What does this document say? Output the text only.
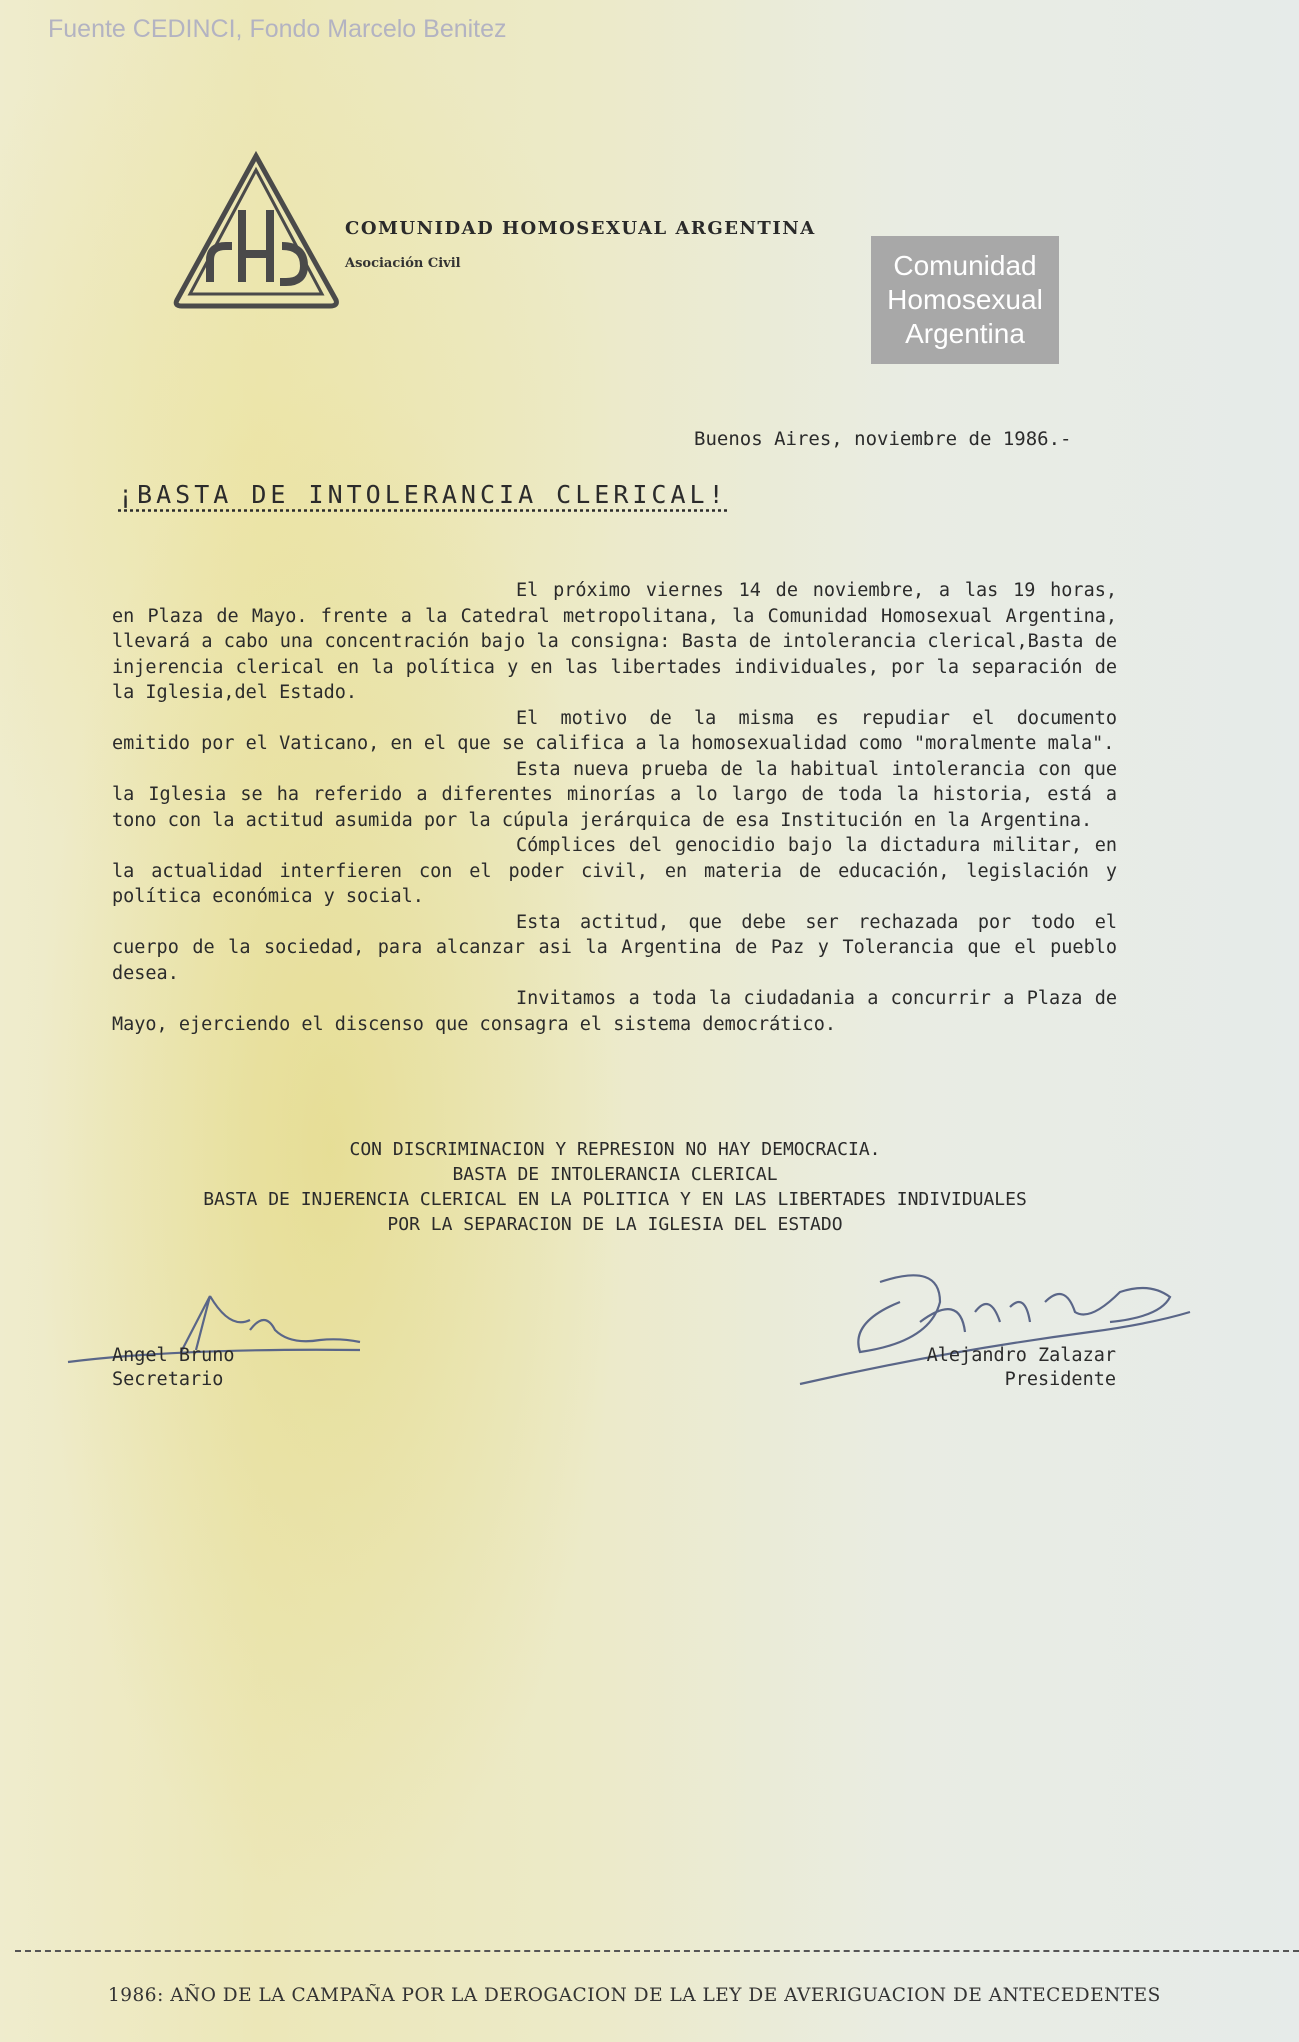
Fuente CEDINCI, Fondo Marcelo Benitez
COMUNIDAD HOMOSEXUAL ARGENTINA
Asociación Civil	Comunidad
Homosexual
Argentina
Buenos Aires, noviembre de 1986.-
¡BASTA DE INTOLERANCIA CLERICAL!

El próximo viernes 14 de noviembre, a las 19 horas, en Plaza de Mayo. frente a la Catedral metropolitana, la Comunidad Homosexual Argentina, llevará a cabo una concentración bajo la consigna: Basta de intolerancia clerical,Basta de injerencia clerical en la política y en las libertades individuales, por la separación de la Iglesia,del Estado.

El motivo de la misma es repudiar el documento emitido por el Vaticano, en el que se califica a la homosexualidad como "moralmente mala".

Esta nueva prueba de la habitual intolerancia con que la Iglesia se ha referido a diferentes minorías a lo largo de toda la historia, está a tono con la actitud asumida por la cúpula jerárquica de esa Institución en la Argentina.

Cómplices del genocidio bajo la dictadura militar, en la actualidad interfieren con el poder civil, en materia de educación, legislación y política económica y social.

Esta actitud, que debe ser rechazada por todo el cuerpo de la sociedad, para alcanzar asi la Argentina de Paz y Tolerancia que el pueblo desea.

Invitamos a toda la ciudadania a concurrir a Plaza de Mayo, ejerciendo el discenso que consagra el sistema democrático.

CON DISCRIMINACION Y REPRESION NO HAY DEMOCRACIA.
BASTA DE INTOLERANCIA CLERICAL
BASTA DE INJERENCIA CLERICAL EN LA POLITICA Y EN LAS LIBERTADES INDIVIDUALES
POR LA SEPARACION DE LA IGLESIA DEL ESTADO
Angel Bruno
Secretario
Alejandro Zalazar
Presidente
1986: AÑO DE LA CAMPAÑA POR LA DEROGACION DE LA LEY DE AVERIGUACION DE ANTECEDENTES
